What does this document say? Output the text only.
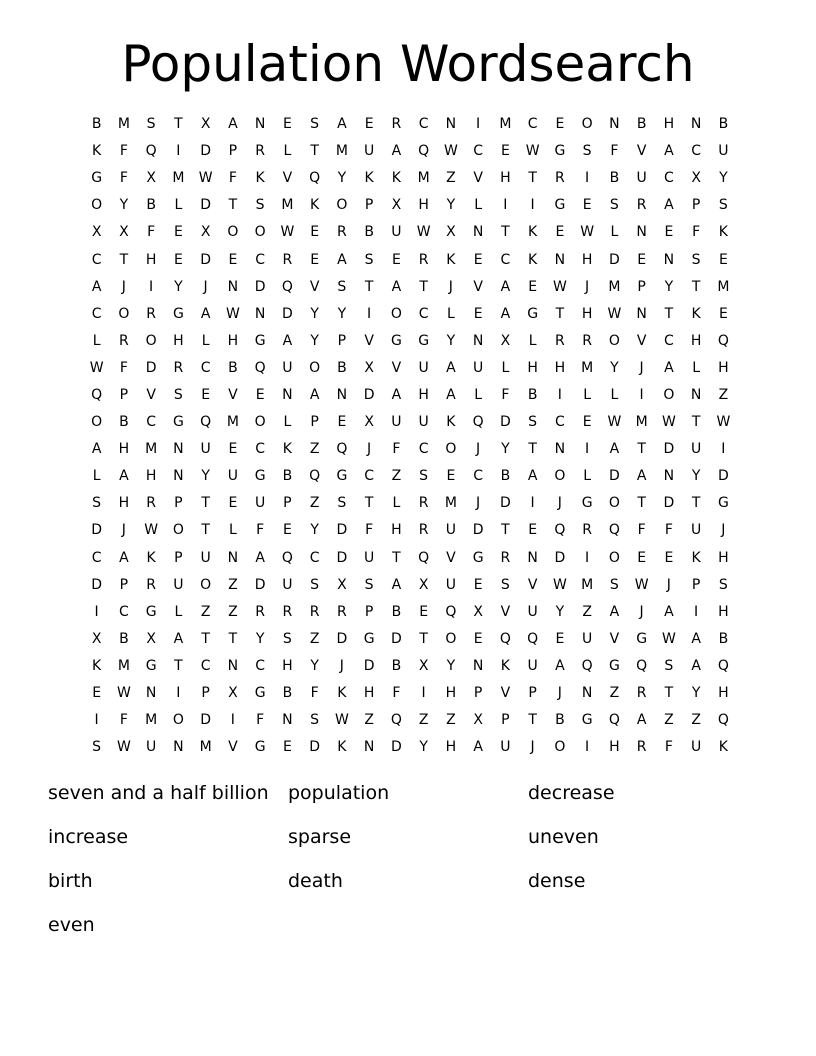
Population Wordsearch
B	M	S	T	X	A	N	E	S	A	E	R	C	N	I	M	C	E	O	N	B	H	N	B
K	F	Q	I	D	P	R	L	T	M	U	A	Q	W	C	E	W	G	S	F	V	A	C	U
G	F	X	M	W	F	K	V	Q	Y	K	K	M	Z	V	H	T	R	I	B	U	C	X	Y
O	Y	B	L	D	T	S	M	K	O	P	X	H	Y	L	I	I	G	E	S	R	A	P	S
X	X	F	E	X	O	O	W	E	R	B	U	W	X	N	T	K	E	W	L	N	E	F	K
C	T	H	E	D	E	C	R	E	A	S	E	R	K	E	C	K	N	H	D	E	N	S	E
A	J	I	Y	J	N	D	Q	V	S	T	A	T	J	V	A	E	W	J	M	P	Y	T	M
C	O	R	G	A	W	N	D	Y	Y	I	O	C	L	E	A	G	T	H	W	N	T	K	E
L	R	O	H	L	H	G	A	Y	P	V	G	G	Y	N	X	L	R	R	O	V	C	H	Q
W	F	D	R	C	B	Q	U	O	B	X	V	U	A	U	L	H	H	M	Y	J	A	L	H
Q	P	V	S	E	V	E	N	A	N	D	A	H	A	L	F	B	I	L	L	I	O	N	Z
O	B	C	G	Q	M	O	L	P	E	X	U	U	K	Q	D	S	C	E	W	M	W	T	W
A	H	M	N	U	E	C	K	Z	Q	J	F	C	O	J	Y	T	N	I	A	T	D	U	I
L	A	H	N	Y	U	G	B	Q	G	C	Z	S	E	C	B	A	O	L	D	A	N	Y	D
S	H	R	P	T	E	U	P	Z	S	T	L	R	M	J	D	I	J	G	O	T	D	T	G
D	J	W	O	T	L	F	E	Y	D	F	H	R	U	D	T	E	Q	R	Q	F	F	U	J
C	A	K	P	U	N	A	Q	C	D	U	T	Q	V	G	R	N	D	I	O	E	E	K	H
D	P	R	U	O	Z	D	U	S	X	S	A	X	U	E	S	V	W	M	S	W	J	P	S
I	C	G	L	Z	Z	R	R	R	R	P	B	E	Q	X	V	U	Y	Z	A	J	A	I	H
X	B	X	A	T	T	Y	S	Z	D	G	D	T	O	E	Q	Q	E	U	V	G	W	A	B
K	M	G	T	C	N	C	H	Y	J	D	B	X	Y	N	K	U	A	Q	G	Q	S	A	Q
E	W	N	I	P	X	G	B	F	K	H	F	I	H	P	V	P	J	N	Z	R	T	Y	H
I	F	M	O	D	I	F	N	S	W	Z	Q	Z	Z	X	P	T	B	G	Q	A	Z	Z	Q
S	W	U	N	M	V	G	E	D	K	N	D	Y	H	A	U	J	O	I	H	R	F	U	K
seven and a half billion	population	decrease
increase	sparse	uneven
birth	death	dense
even
